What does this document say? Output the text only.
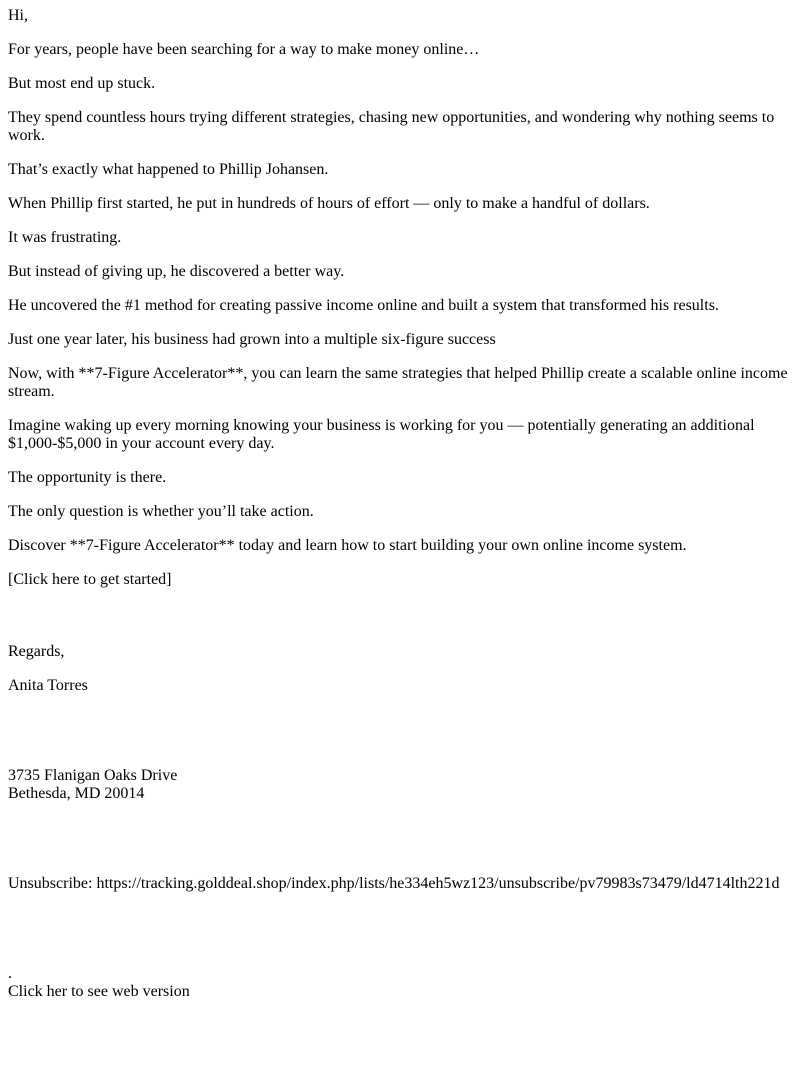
Hi,

For years, people have been searching for a way to make money online…

But most end up stuck.

They spend countless hours trying different strategies, chasing new opportunities, and wondering why nothing seems to work.

That’s exactly what happened to Phillip Johansen.

When Phillip first started, he put in hundreds of hours of effort — only to make a handful of dollars.

It was frustrating.

But instead of giving up, he discovered a better way.

He uncovered the #1 method for creating passive income online and built a system that transformed his results.

Just one year later, his business had grown into a multiple six-figure success

Now, with **7-Figure Accelerator**, you can learn the same strategies that helped Phillip create a scalable online income stream.

Imagine waking up every morning knowing your business is working for you — potentially generating an additional $1,000-$5,000 in your account every day.

The opportunity is there.

The only question is whether you’ll take action.

Discover **7-Figure Accelerator** today and learn how to start building your own online income system.

[Click here to get started]

Regards,

Anita Torres

3735 Flanigan Oaks Drive
Bethesda, MD 20014

Unsubscribe: https://tracking.golddeal.shop/index.php/lists/he334eh5wz123/unsubscribe/pv79983s73479/ld4714lth221d

.
Click her to see web version
